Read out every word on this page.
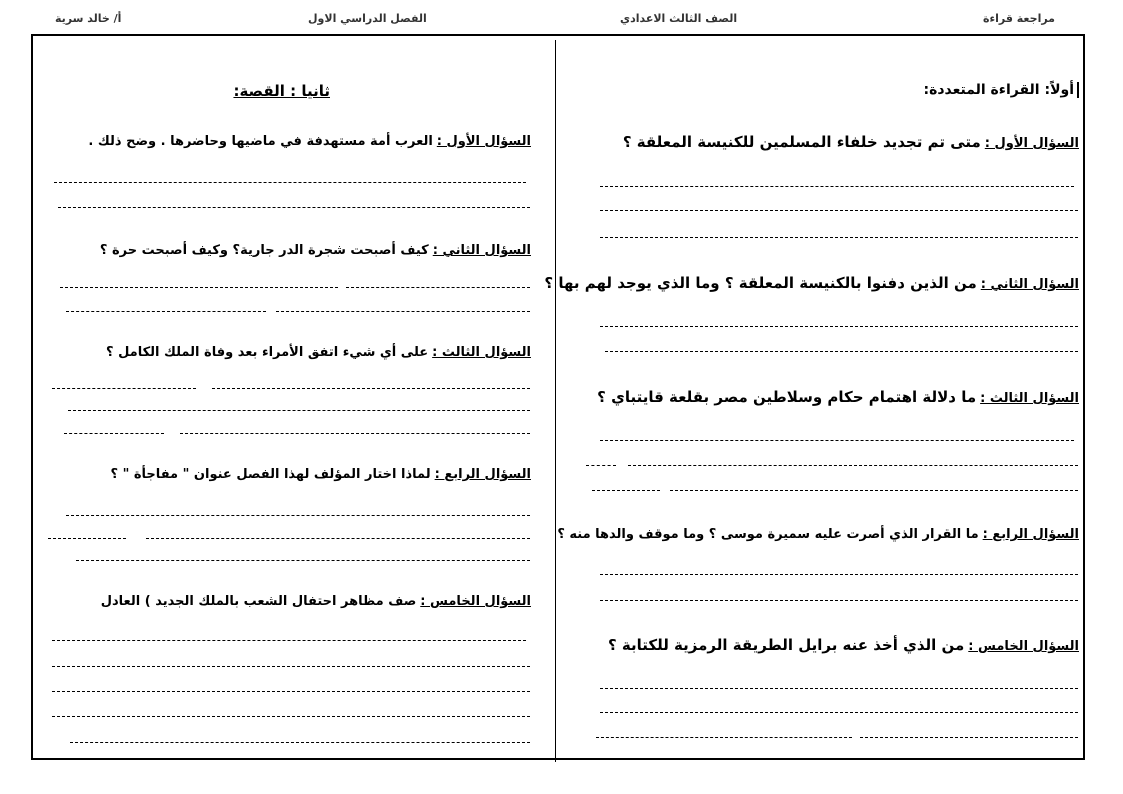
مراجعة قراءة
الصف الثالث الاعدادي
الفصل الدراسي الاول
أ/ خالد سرية
أولاً: القراءة المتعددة:
السؤال الأول :متى تم تجديد خلفاء المسلمين للكنيسة المعلقة ؟
السؤال الثاني :من الذين دفنوا بالكنيسة المعلقة ؟ وما الذي يوجد لهم بها ؟
السؤال الثالث :ما دلالة اهتمام حكام وسلاطين مصر بقلعة قايتباي ؟
السؤال الرابع :ما القرار الذي أصرت عليه سميرة موسى ؟ وما موقف والدها منه ؟
السؤال الخامس :من الذي أخذ عنه برايل الطريقة الرمزية للكتابة ؟
ثانيا : القصة:
السؤال الأول :العرب أمة مستهدفة في ماضيها وحاضرها . وضح ذلك .
السؤال الثاني :كيف أصبحت شجرة الدر جارية؟ وكيف أصبحت حرة ؟
السؤال الثالث :على أي شيء اتفق الأمراء بعد وفاة الملك الكامل ؟
السؤال الرابع :لماذا اختار المؤلف لهذا الفصل عنوان " مفاجأة " ؟
السؤال الخامس :صف مظاهر احتفال الشعب بالملك الجديد ) العادل
